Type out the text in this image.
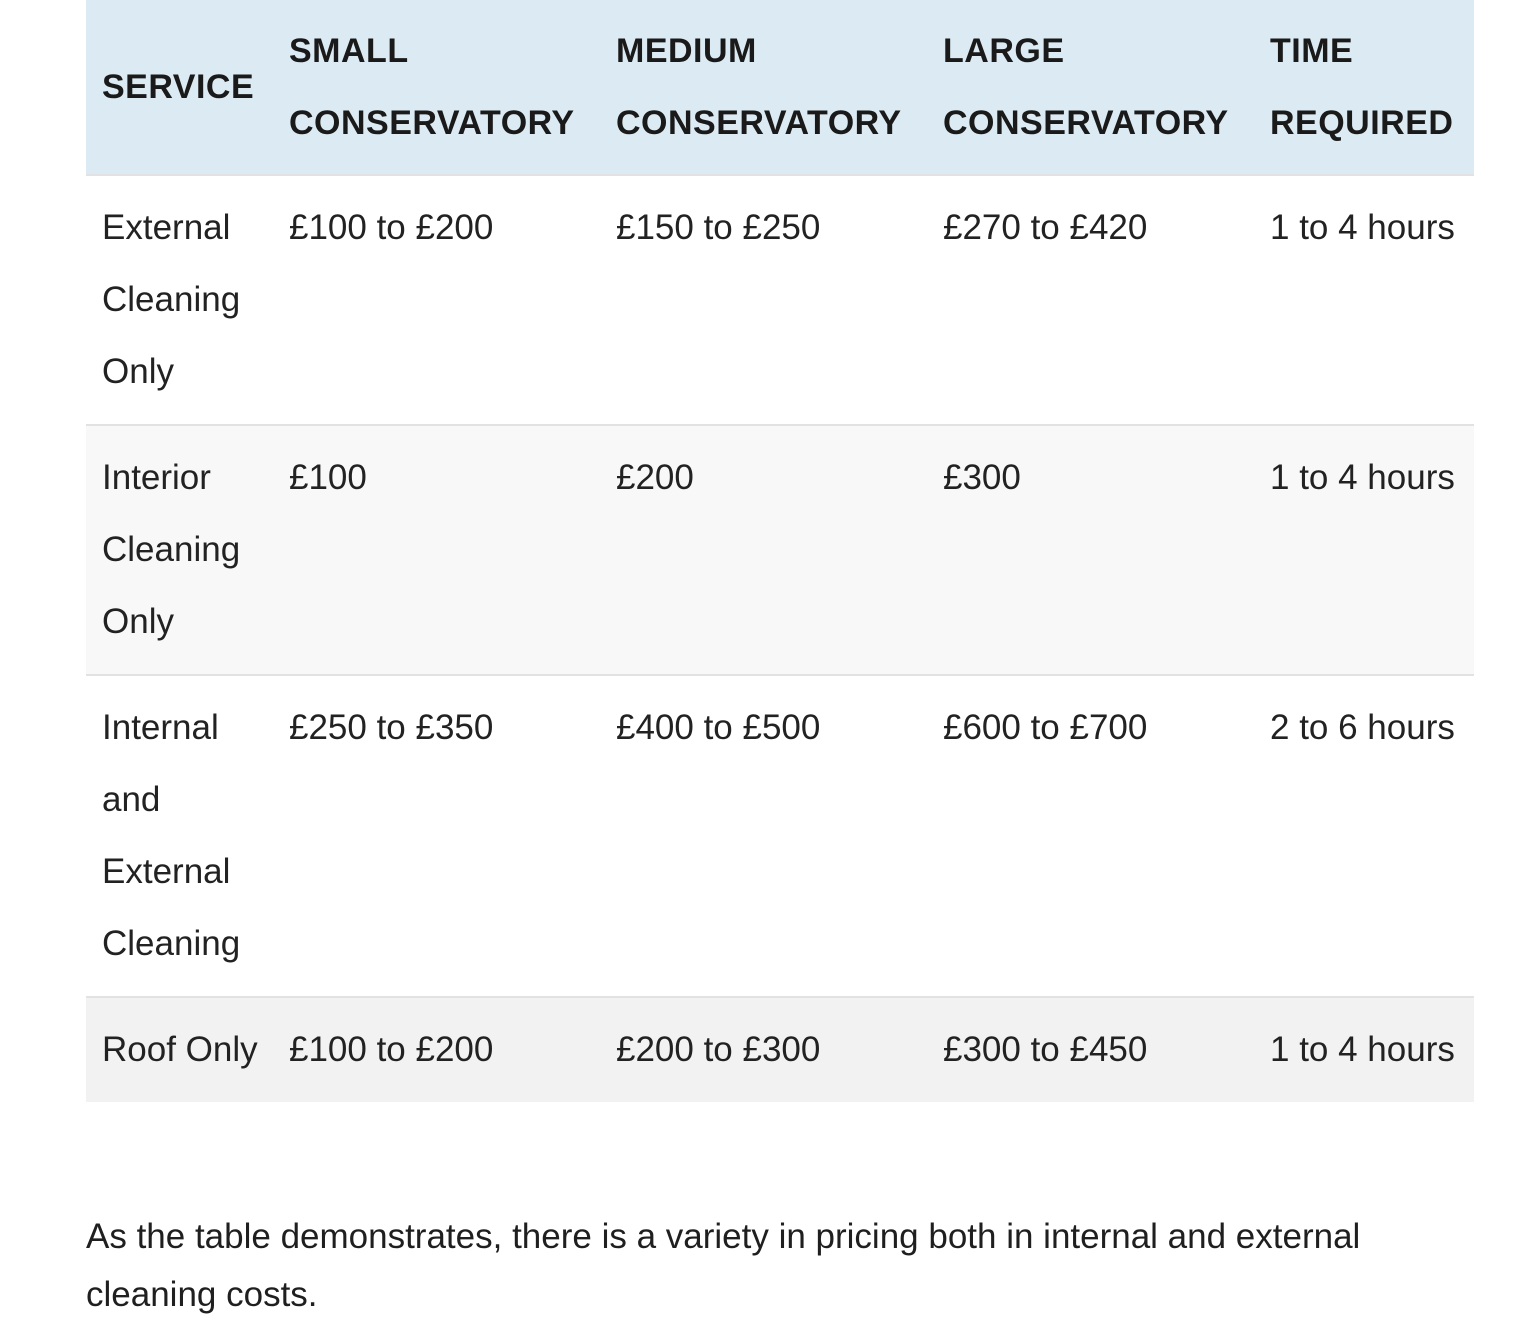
SERVICE	SMALL CONSERVATORY	MEDIUM CONSERVATORY	LARGE CONSERVATORY	TIME REQUIRED
External Cleaning Only	£100 to £200	£150 to £250	£270 to £420	1 to 4 hours
Interior Cleaning Only	£100	£200	£300	1 to 4 hours
Internal and External Cleaning	£250 to £350	£400 to £500	£600 to £700	2 to 6 hours
Roof Only	£100 to £200	£200 to £300	£300 to £450	1 to 4 hours

As the table demonstrates, there is a variety in pricing both in internal and external cleaning costs.
